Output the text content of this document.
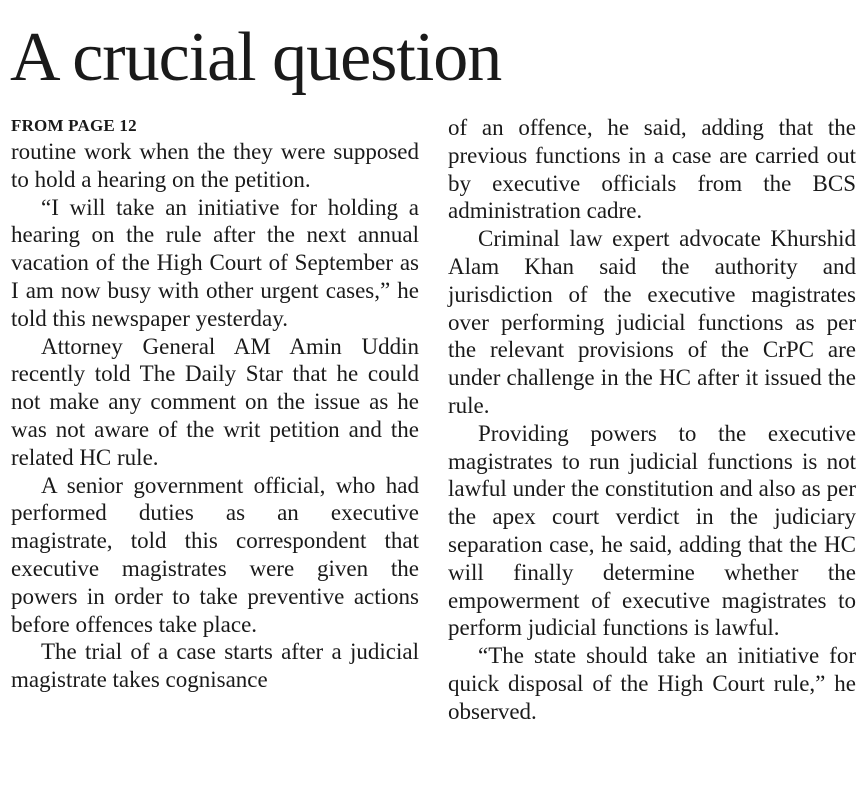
A crucial question
FROM PAGE 12

routine work when the they were supposed to hold a hearing on the petition.

“I will take an initiative for holding a hearing on the rule after the next annual vacation of the High Court of September as I am now busy with other urgent cases,” he told this newspaper yesterday.

Attorney General AM Amin Uddin recently told The Daily Star that he could not make any comment on the issue as he was not aware of the writ petition and the related HC rule.

A senior government official, who had performed duties as an executive magistrate, told this correspondent that executive magistrates were given the powers in order to take preventive actions before offences take place.

The trial of a case starts after a judicial magistrate takes cognisance

of an offence, he said, adding that the previous functions in a case are carried out by executive officials from the BCS administration cadre.

Criminal law expert advocate Khurshid Alam Khan said the authority and jurisdiction of the executive magistrates over performing judicial functions as per the relevant provisions of the CrPC are under challenge in the HC after it issued the rule.

Providing powers to the executive magistrates to run judicial functions is not lawful under the constitution and also as per the apex court verdict in the judiciary separation case, he said, adding that the HC will finally determine whether the empowerment of executive magistrates to perform judicial functions is lawful.

“The state should take an initiative for quick disposal of the High Court rule,” he observed.
